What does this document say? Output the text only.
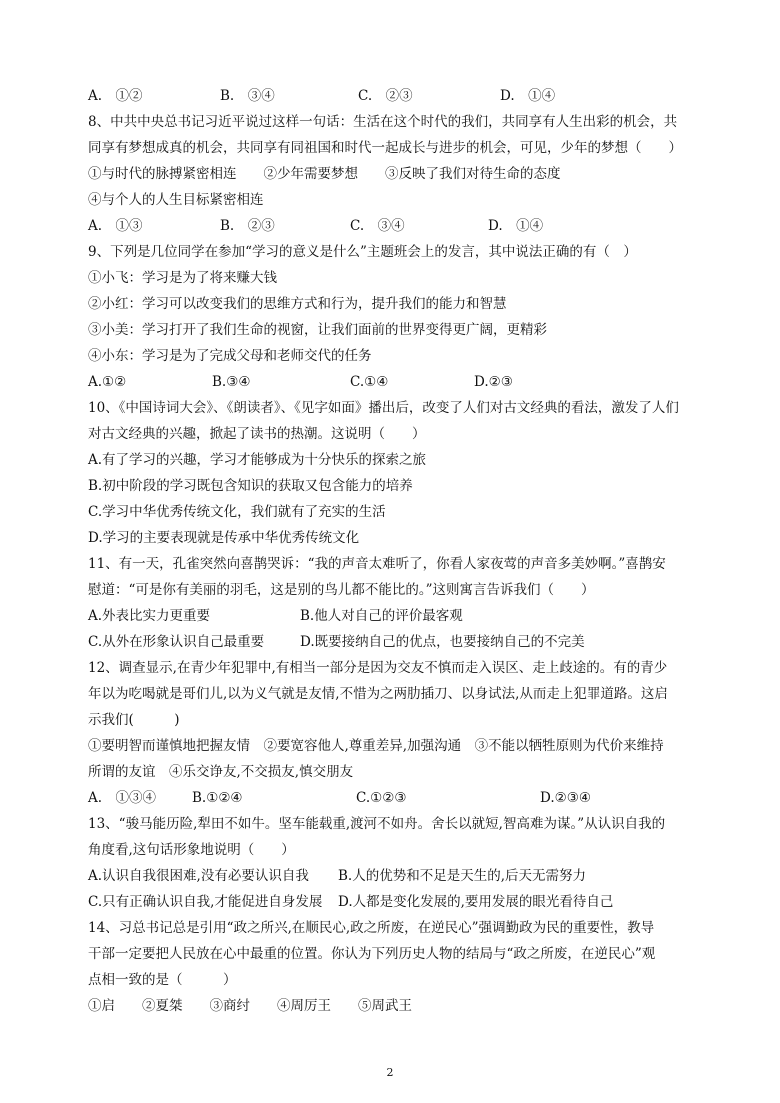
A.　①②	B.　③④	C.　②③	D.　①④
8、中共中央总书记习近平说过这样一句话：生活在这个时代的我们，共同享有人生出彩的机会，共
同享有梦想成真的机会，共同享有同祖国和时代一起成长与进步的机会，可见，少年的梦想（　　）
①与时代的脉搏紧密相连　　②少年需要梦想　　③反映了我们对待生命的态度
④与个人的人生目标紧密相连
A.　①③	B.　②③	C.　③④	D.　①④
9、下列是几位同学在参加“学习的意义是什么”主题班会上的发言，其中说法正确的有（　）
①小飞：学习是为了将来赚大钱
②小红：学习可以改变我们的思维方式和行为，提升我们的能力和智慧
③小美：学习打开了我们生命的视窗，让我们面前的世界变得更广阔，更精彩
④小东：学习是为了完成父母和老师交代的任务
A.①②	B.③④	C.①④	D.②③
10、《中国诗词大会》、《朗读者》、《见字如面》播出后，改变了人们对古文经典的看法，激发了人们
对古文经典的兴趣，掀起了读书的热潮。这说明（　　）
A.有了学习的兴趣，学习才能够成为十分快乐的探索之旅
B.初中阶段的学习既包含知识的获取又包含能力的培养
C.学习中华优秀传统文化，我们就有了充实的生活
D.学习的主要表现就是传承中华优秀传统文化
11、有一天，孔雀突然向喜鹊哭诉：“我的声音太难听了，你看人家夜莺的声音多美妙啊。”喜鹊安
慰道：“可是你有美丽的羽毛，这是别的鸟儿都不能比的。”这则寓言告诉我们（　　）
A.外表比实力更重要	B.他人对自己的评价最客观
C.从外在形象认识自己最重要	D.既要接纳自己的优点，也要接纳自己的不完美
12、调查显示,在青少年犯罪中,有相当一部分是因为交友不慎而走入误区、走上歧途的。有的青少
年以为吃喝就是哥们儿,以为义气就是友情,不惜为之两肋插刀、以身试法,从而走上犯罪道路。这启
示我们(　　　)
①要明智而谨慎地把握友情　②要宽容他人,尊重差异,加强沟通　③不能以牺牲原则为代价来维持
所谓的友谊　④乐交诤友,不交损友,慎交朋友
A.　①③④	B.①②④	C.①②③	D.②③④
13、“骏马能历险,犁田不如牛。坚车能载重,渡河不如舟。舍长以就短,智高难为谋。”从认识自我的
角度看,这句话形象地说明（　　）
A.认识自我很困难,没有必要认识自我 B.人的优势和不足是天生的,后天无需努力
C.只有正确认识自我,才能促进自身发展 D.人都是变化发展的,要用发展的眼光看待自己
14、习总书记总是引用“政之所兴,在顺民心,政之所废，在逆民心”强调勤政为民的重要性，教导
干部一定要把人民放在心中最重的位置。你认为下列历史人物的结局与“政之所废，在逆民心”观
点相一致的是（　　　）
①启　　②夏桀　　③商纣　　④周厉王　　⑤周武王
2
